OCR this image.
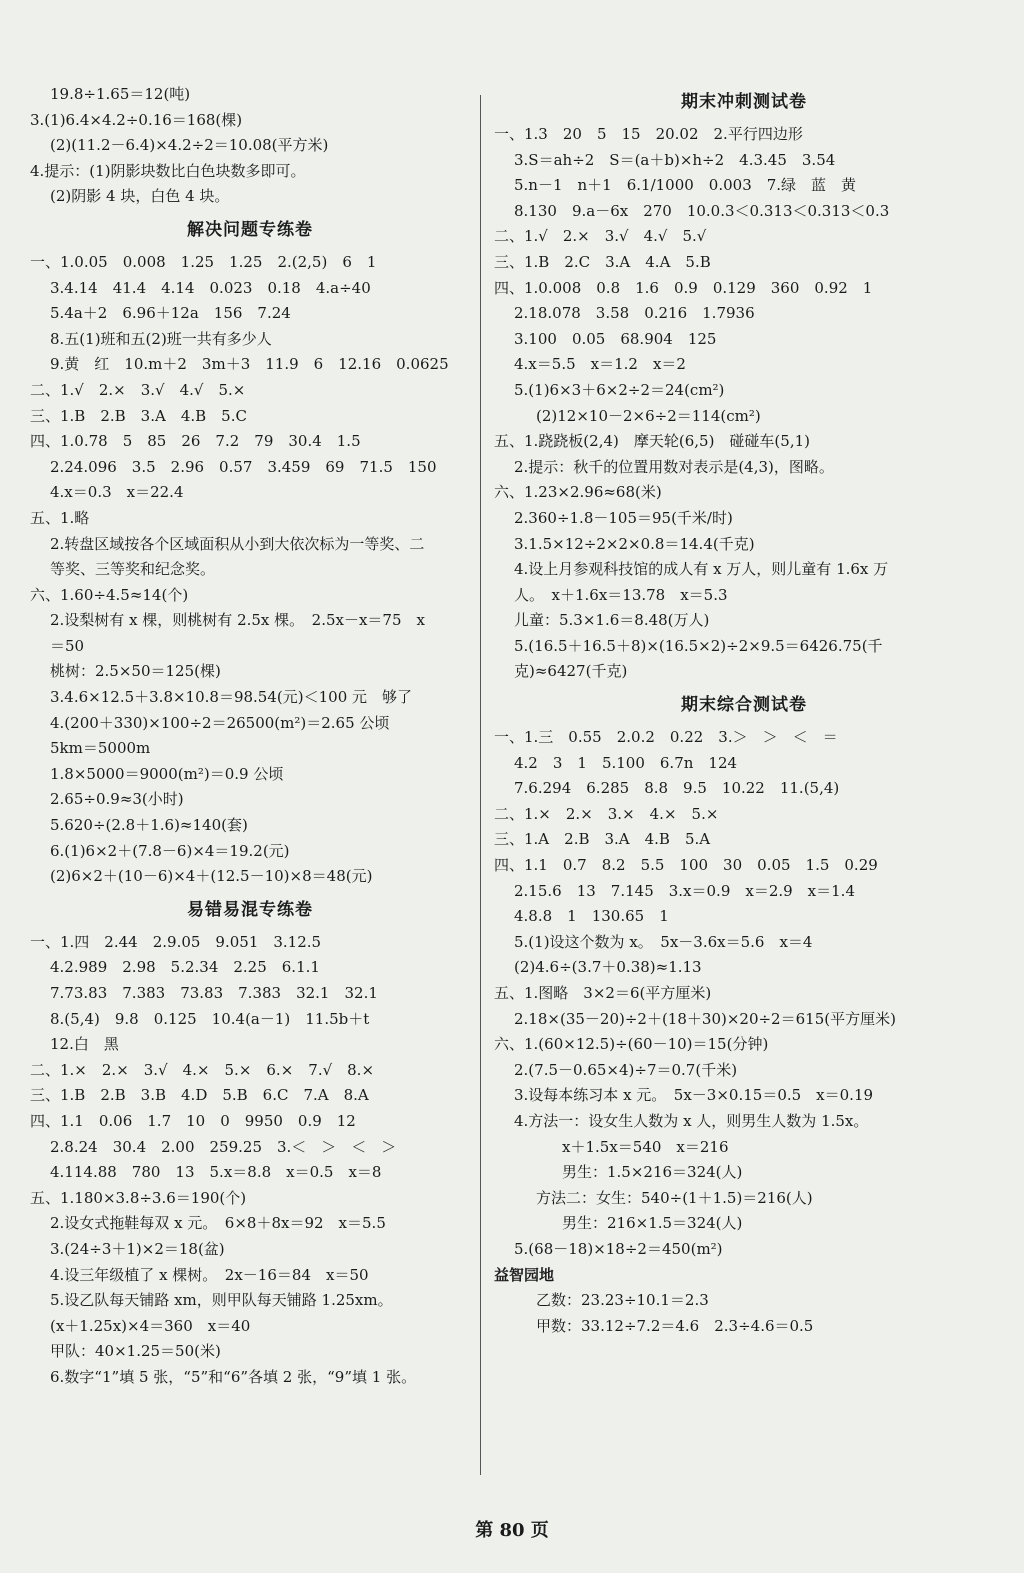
19.8÷1.65＝12(吨)
3.(1)6.4×4.2÷0.16＝168(棵)
(2)(11.2－6.4)×4.2÷2＝10.08(平方米)
4.提示：(1)阴影块数比白色块数多即可。
(2)阴影 4 块，白色 4 块。
解决问题专练卷
一、1.0.05　0.008　1.25　1.25　2.(2,5)　6　1
3.4.14　41.4　4.14　0.023　0.18　4.a÷40
5.4a＋2　6.96＋12a　156　7.24
8.五(1)班和五(2)班一共有多少人
9.黄　红　10.m＋2　3m＋3　11.9　6　12.16　0.0625
二、1.√　2.×　3.√　4.√　5.×
三、1.B　2.B　3.A　4.B　5.C
四、1.0.78　5　85　26　7.2　79　30.4　1.5
2.24.096　3.5　2.96　0.57　3.459　69　71.5　150
4.x＝0.3　x＝22.4
五、1.略
2.转盘区域按各个区域面积从小到大依次标为一等奖、二
等奖、三等奖和纪念奖。
六、1.60÷4.5≈14(个)
2.设梨树有 x 棵，则桃树有 2.5x 棵。　2.5x－x＝75　x
＝50
桃树：2.5×50＝125(棵)
3.4.6×12.5＋3.8×10.8＝98.54(元)＜100 元　够了
4.(200＋330)×100÷2＝26500(m²)＝2.65 公顷
5km＝5000m
1.8×5000＝9000(m²)＝0.9 公顷
2.65÷0.9≈3(小时)
5.620÷(2.8＋1.6)≈140(套)
6.(1)6×2＋(7.8－6)×4＝19.2(元)
(2)6×2＋(10－6)×4＋(12.5－10)×8＝48(元)
易错易混专练卷
一、1.四　2.44　2.9.05　9.051　3.12.5
4.2.989　2.98　5.2.34　2.25　6.1.1
7.73.83　7.383　73.83　7.383　32.1　32.1
8.(5,4)　9.8　0.125　10.4(a－1)　11.5b＋t
12.白　黑
二、1.×　2.×　3.√　4.×　5.×　6.×　7.√　8.×
三、1.B　2.B　3.B　4.D　5.B　6.C　7.A　8.A
四、1.1　0.06　1.7　10　0　9950　0.9　12
2.8.24　30.4　2.00　259.25　3.＜　＞　＜　＞
4.114.88　780　13　5.x＝8.8　x＝0.5　x＝8
五、1.180×3.8÷3.6＝190(个)
2.设女式拖鞋每双 x 元。　6×8＋8x＝92　x＝5.5
3.(24÷3＋1)×2＝18(盆)
4.设三年级植了 x 棵树。　2x－16＝84　x＝50
5.设乙队每天铺路 xm，则甲队每天铺路 1.25xm。
(x＋1.25x)×4＝360　x＝40
甲队：40×1.25＝50(米)
6.数字“1”填 5 张，“5”和“6”各填 2 张，“9”填 1 张。
期末冲刺测试卷
一、1.3　20　5　15　20.02　2.平行四边形
3.S＝ah÷2　S＝(a＋b)×h÷2　4.3.45　3.54
5.n－1　n＋1　6.1/1000　0.003　7.绿　蓝　黄
8.130　9.a－6x　270　10.0.3＜0.313＜0.313＜0.3
二、1.√　2.×　3.√　4.√　5.√
三、1.B　2.C　3.A　4.A　5.B
四、1.0.008　0.8　1.6　0.9　0.129　360　0.92　1
2.18.078　3.58　0.216　1.7936
3.100　0.05　68.904　125
4.x＝5.5　x＝1.2　x＝2
5.(1)6×3＋6×2÷2＝24(cm²)
(2)12×10－2×6÷2＝114(cm²)
五、1.跷跷板(2,4)　摩天轮(6,5)　碰碰车(5,1)
2.提示：秋千的位置用数对表示是(4,3)，图略。
六、1.23×2.96≈68(米)
2.360÷1.8－105＝95(千米/时)
3.1.5×12÷2×2×0.8＝14.4(千克)
4.设上月参观科技馆的成人有 x 万人，则儿童有 1.6x 万
人。　x＋1.6x＝13.78　x＝5.3
儿童：5.3×1.6＝8.48(万人)
5.(16.5＋16.5＋8)×(16.5×2)÷2×9.5＝6426.75(千
克)≈6427(千克)
期末综合测试卷
一、1.三　0.55　2.0.2　0.22　3.＞　＞　＜　＝
4.2　3　1　5.100　6.7n　124
7.6.294　6.285　8.8　9.5　10.22　11.(5,4)
二、1.×　2.×　3.×　4.×　5.×
三、1.A　2.B　3.A　4.B　5.A
四、1.1　0.7　8.2　5.5　100　30　0.05　1.5　0.29
2.15.6　13　7.145　3.x＝0.9　x＝2.9　x＝1.4
4.8.8　1　130.65　1
5.(1)设这个数为 x。　5x－3.6x＝5.6　x＝4
(2)4.6÷(3.7＋0.38)≈1.13
五、1.图略　3×2＝6(平方厘米)
2.18×(35－20)÷2＋(18＋30)×20÷2＝615(平方厘米)
六、1.(60×12.5)÷(60－10)＝15(分钟)
2.(7.5－0.65×4)÷7＝0.7(千米)
3.设每本练习本 x 元。　5x－3×0.15＝0.5　x＝0.19
4.方法一：设女生人数为 x 人，则男生人数为 1.5x。
x＋1.5x＝540　x＝216
男生：1.5×216＝324(人)
方法二：女生：540÷(1＋1.5)＝216(人)
男生：216×1.5＝324(人)
5.(68－18)×18÷2＝450(m²)
益智园地
乙数：23.23÷10.1＝2.3
甲数：33.12÷7.2＝4.6　2.3÷4.6＝0.5
第 80 页
